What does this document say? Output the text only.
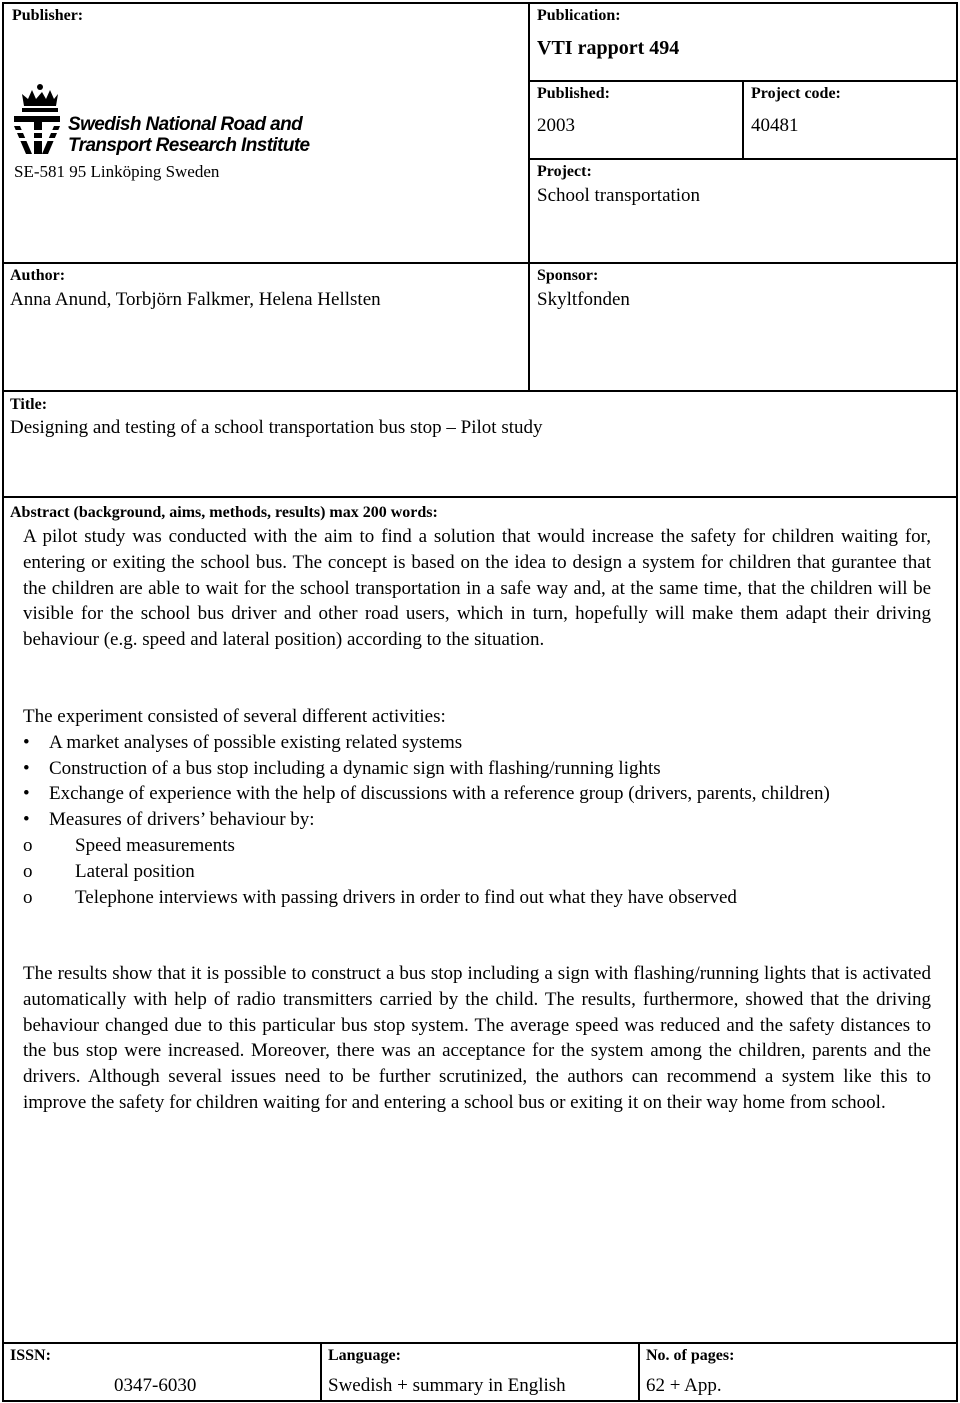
Publisher:
Swedish National Road and
Transport Research Institute
SE-581 95 Linköping Sweden
Publication:
VTI rapport 494
Published:
2003
Project code:
40481
Project:
School transportation
Author:
Anna Anund, Torbjörn Falkmer, Helena Hellsten
Sponsor:
Skyltfonden
Title:
Designing and testing of a school transportation bus stop – Pilot study
Abstract (background, aims, methods, results) max 200 words:

A pilot study was conducted with the aim to find a solution that would increase the safety for children waiting for, entering or exiting the school bus. The concept is based on the idea to design a system for children that gurantee that the children are able to wait for the school transportation in a safe way and, at the same time, that the children will be visible for the school bus driver and other road users, which in turn, hopefully will make them adapt their driving behaviour (e.g. speed and lateral position) according to the situation.

The experiment consisted of several different activities:

• A market analyses of possible existing related systems
• Construction of a bus stop including a dynamic sign with flashing/running lights
• Exchange of experience with the help of discussions with a reference group (drivers, parents, children)
• Measures of drivers’ behaviour by:
o Speed measurements
o Lateral position
o Telephone interviews with passing drivers in order to find out what they have observed

The results show that it is possible to construct a bus stop including a sign with flashing/running lights that is activated automatically with help of radio transmitters carried by the child. The results, furthermore, showed that the driving behaviour changed due to this particular bus stop system. The average speed was reduced and the safety distances to the bus stop were increased. Moreover, there was an acceptance for the system among the children, parents and the drivers. Although several issues need to be further scrutinized, the authors can recommend a system like this to improve the safety for children waiting for and entering a school bus or exiting it on their way home from school.

ISSN:
0347-6030
Language:
Swedish + summary in English
No. of pages:
62 + App.
